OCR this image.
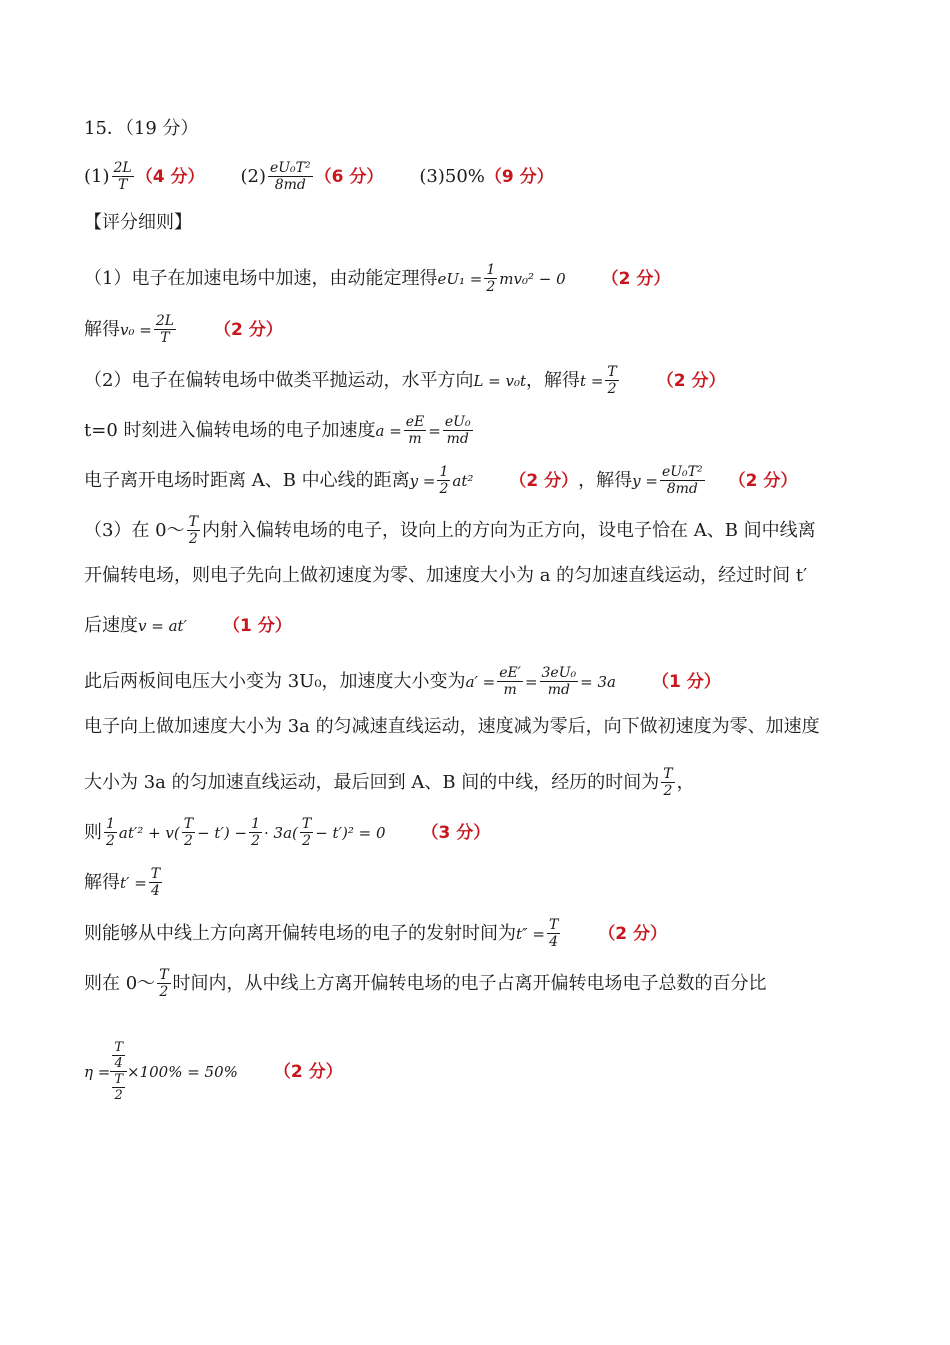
15．（19 分）
$(1) \frac{2L}{T} (4$ 分） $(2) \frac{\text{eU₀T²}}{8md} (6$ 分） (3)50% （9 分）
【评分细则】
（1）电子在加速电场中加速，由动能定理得 $eU_1 = \frac{1}{2} mv_0^2 - 0$ （2 分）
解得 $v_0 = \frac{2L}{T} (2$ 分）
（2）电子在偏转电场中做类平抛运动，水平方向 L = v₀t ，解得 $t = \frac{T}{2} (2$ 分）
t=0 时刻进入偏转电场的电子加速度 $a = \frac{eE}{m} = \frac{\text{eU₀}}{md}$
电子离开电场时距离 A、B 中心线的距离 $y = \frac{1}{2} at^2$ （2 分） ，解得 $y = \frac{\text{eU₀T²}}{8md} (2$ 分）
（3）在 0～ $\frac{T}{2}$ 内射入偏转电场的电子，设向上的方向为正方向，设电子恰在 A、B 间中线离
开偏转电场，则电子先向上做初速度为零、加速度大小为 a 的匀加速直线运动，经过时间 t′
后速度 v = at′ （1 分）
此后两板间电压大小变为 3U₀，加速度大小变为 $a' = \frac{eE'}{m} = \frac{\text{3eU₀}}{md} = 3a$ （1 分）
电子向上做加速度大小为 3a 的匀减速直线运动，速度减为零后，向下做初速度为零、加速度
大小为 3a 的匀加速直线运动，最后回到 A、B 间的中线，经历的时间为 $\frac{T}{2}$ ，
则 $\frac{1}{2} at'^2 + v( \frac{T}{2} - t') - \frac{1}{2} \cdot 3a( \frac{T}{2} - t')^2 = 0$ （3 分）
解得 $t' = \frac{T}{4}$
则能够从中线上方向离开偏转电场的电子的发射时间为 $t'' = \frac{T}{4} (2$ 分）
则在 0～ $\frac{T}{2}$ 时间内，从中线上方离开偏转电场的电子占离开偏转电场电子总数的百分比
η =
$\frac{T}{4}$
$\frac{T}{2}$
×100% = 50% （2 分）
